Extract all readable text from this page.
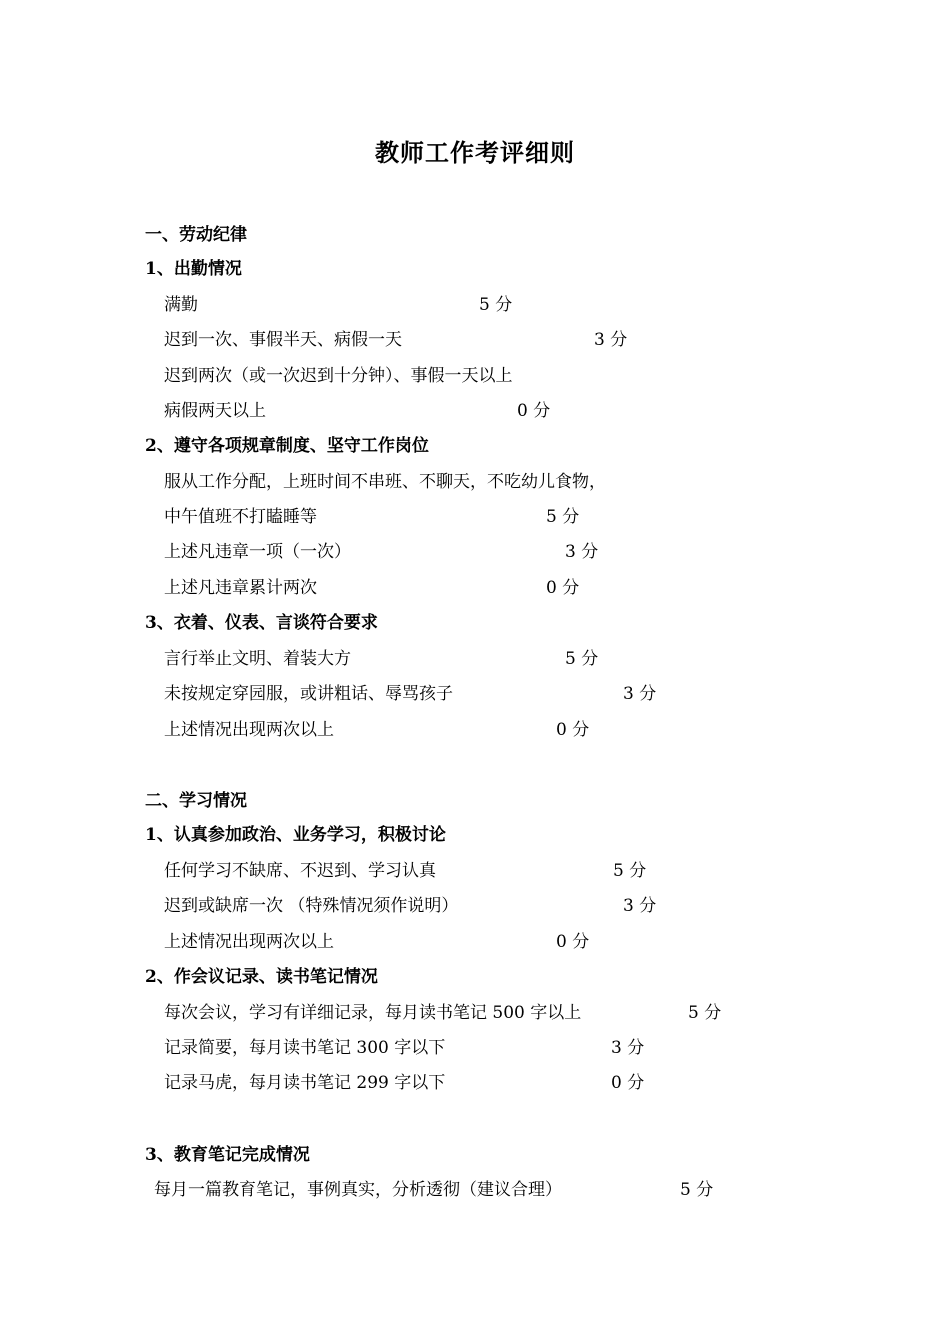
教师工作考评细则
一、劳动纪律
1、出勤情况
满勤	5 分
迟到一次、事假半天、病假一天	3 分
迟到两次（或一次迟到十分钟）、事假一天以上
病假两天以上	0 分
2、遵守各项规章制度、坚守工作岗位
服从工作分配，上班时间不串班、不聊天，不吃幼儿食物，
中午值班不打瞌睡等	5 分
上述凡违章一项（一次）	3 分
上述凡违章累计两次	0 分
3、衣着、仪表、言谈符合要求
言行举止文明、着装大方	5 分
未按规定穿园服，或讲粗话、辱骂孩子	3 分
上述情况出现两次以上	0 分
二、学习情况
1、认真参加政治、业务学习，积极讨论
任何学习不缺席、不迟到、学习认真	5 分
迟到或缺席一次 （特殊情况须作说明）	3 分
上述情况出现两次以上	0 分
2、作会议记录、读书笔记情况
每次会议，学习有详细记录，每月读书笔记 500 字以上	5 分
记录简要，每月读书笔记 300 字以下	3 分
记录马虎，每月读书笔记 299 字以下	0 分
3、教育笔记完成情况
每月一篇教育笔记，事例真实，分析透彻（建议合理）	5 分
